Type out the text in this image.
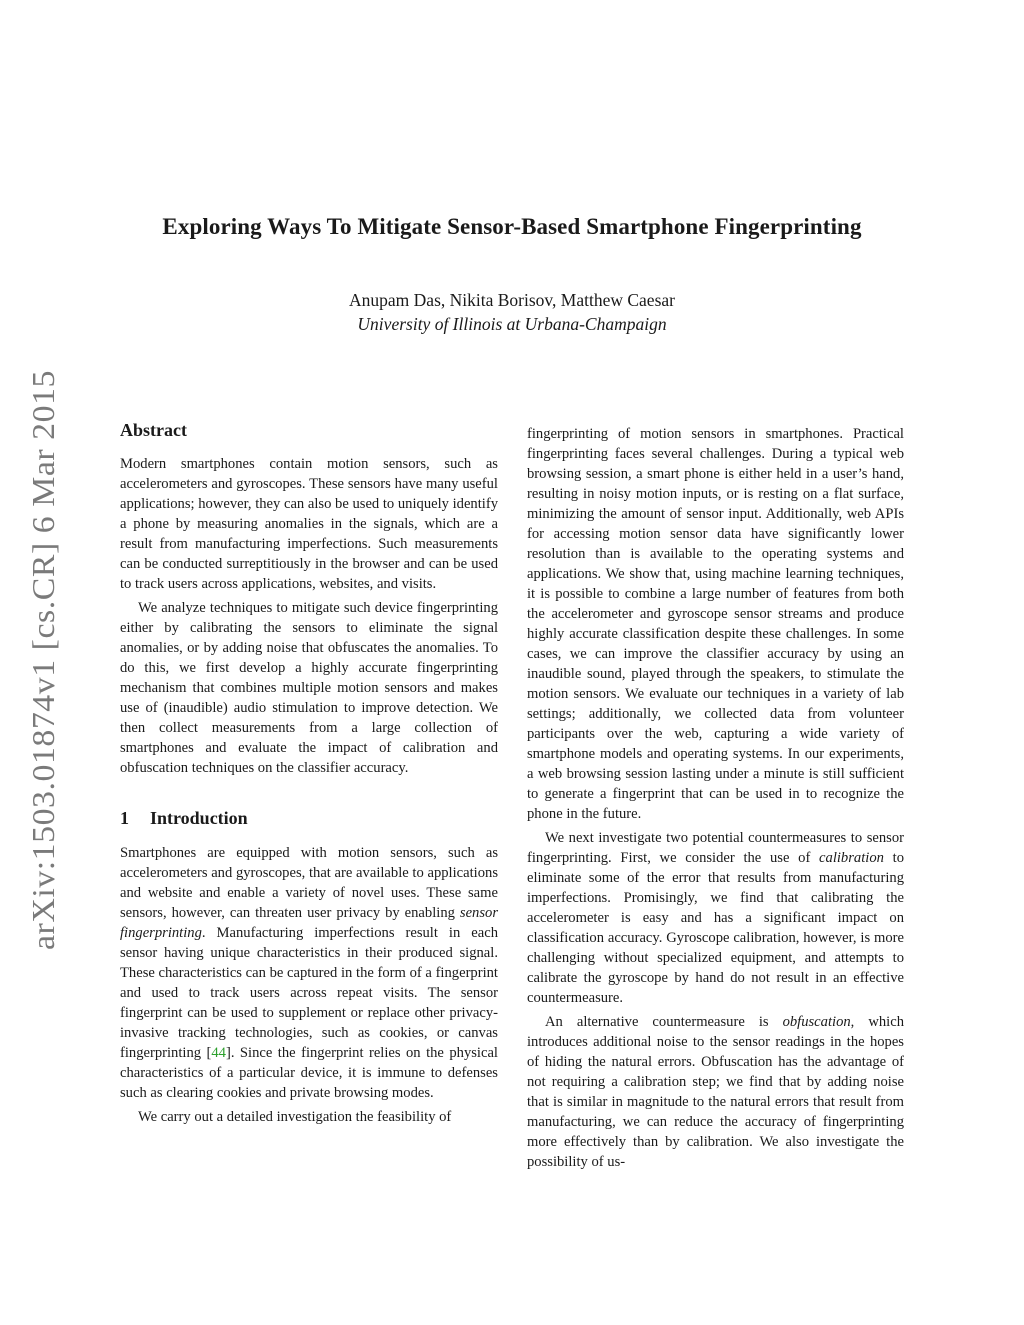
arXiv:1503.01874v1 [cs.CR] 6 Mar 2015
Exploring Ways To Mitigate Sensor-Based Smartphone Fingerprinting
Anupam Das, Nikita Borisov, Matthew Caesar
University of Illinois at Urbana-Champaign
Abstract

Modern smartphones contain motion sensors, such as accelerometers and gyroscopes. These sensors have many useful applications; however, they can also be used to uniquely identify a phone by measuring anomalies in the signals, which are a result from manufacturing imperfections. Such measurements can be conducted surreptitiously in the browser and can be used to track users across applications, websites, and visits.

We analyze techniques to mitigate such device fingerprinting either by calibrating the sensors to eliminate the signal anomalies, or by adding noise that obfuscates the anomalies. To do this, we first develop a highly accurate fingerprinting mechanism that combines multiple motion sensors and makes use of (inaudible) audio stimulation to improve detection. We then collect measurements from a large collection of smartphones and evaluate the impact of calibration and obfuscation techniques on the classifier accuracy.

1 Introduction

Smartphones are equipped with motion sensors, such as accelerometers and gyroscopes, that are available to applications and website and enable a variety of novel uses. These same sensors, however, can threaten user privacy by enabling sensor fingerprinting. Manufacturing imperfections result in each sensor having unique characteristics in their produced signal. These characteristics can be captured in the form of a fingerprint and used to track users across repeat visits. The sensor fingerprint can be used to supplement or replace other privacy-invasive tracking technologies, such as cookies, or canvas fingerprinting [44]. Since the fingerprint relies on the physical characteristics of a particular device, it is immune to defenses such as clearing cookies and private browsing modes.

We carry out a detailed investigation the feasibility of

fingerprinting of motion sensors in smartphones. Practical fingerprinting faces several challenges. During a typical web browsing session, a smart phone is either held in a user’s hand, resulting in noisy motion inputs, or is resting on a flat surface, minimizing the amount of sensor input. Additionally, web APIs for accessing motion sensor data have significantly lower resolution than is available to the operating systems and applications. We show that, using machine learning techniques, it is possible to combine a large number of features from both the accelerometer and gyroscope sensor streams and produce highly accurate classification despite these challenges. In some cases, we can improve the classifier accuracy by using an inaudible sound, played through the speakers, to stimulate the motion sensors. We evaluate our techniques in a variety of lab settings; additionally, we collected data from volunteer participants over the web, capturing a wide variety of smartphone models and operating systems. In our experiments, a web browsing session lasting under a minute is still sufficient to generate a fingerprint that can be used in to recognize the phone in the future.

We next investigate two potential countermeasures to sensor fingerprinting. First, we consider the use of calibration to eliminate some of the error that results from manufacturing imperfections. Promisingly, we find that calibrating the accelerometer is easy and has a significant impact on classification accuracy. Gyroscope calibration, however, is more challenging without specialized equipment, and attempts to calibrate the gyroscope by hand do not result in an effective countermeasure.

An alternative countermeasure is obfuscation, which introduces additional noise to the sensor readings in the hopes of hiding the natural errors. Obfuscation has the advantage of not requiring a calibration step; we find that by adding noise that is similar in magnitude to the natural errors that result from manufacturing, we can reduce the accuracy of fingerprinting more effectively than by calibration. We also investigate the possibility of us-
